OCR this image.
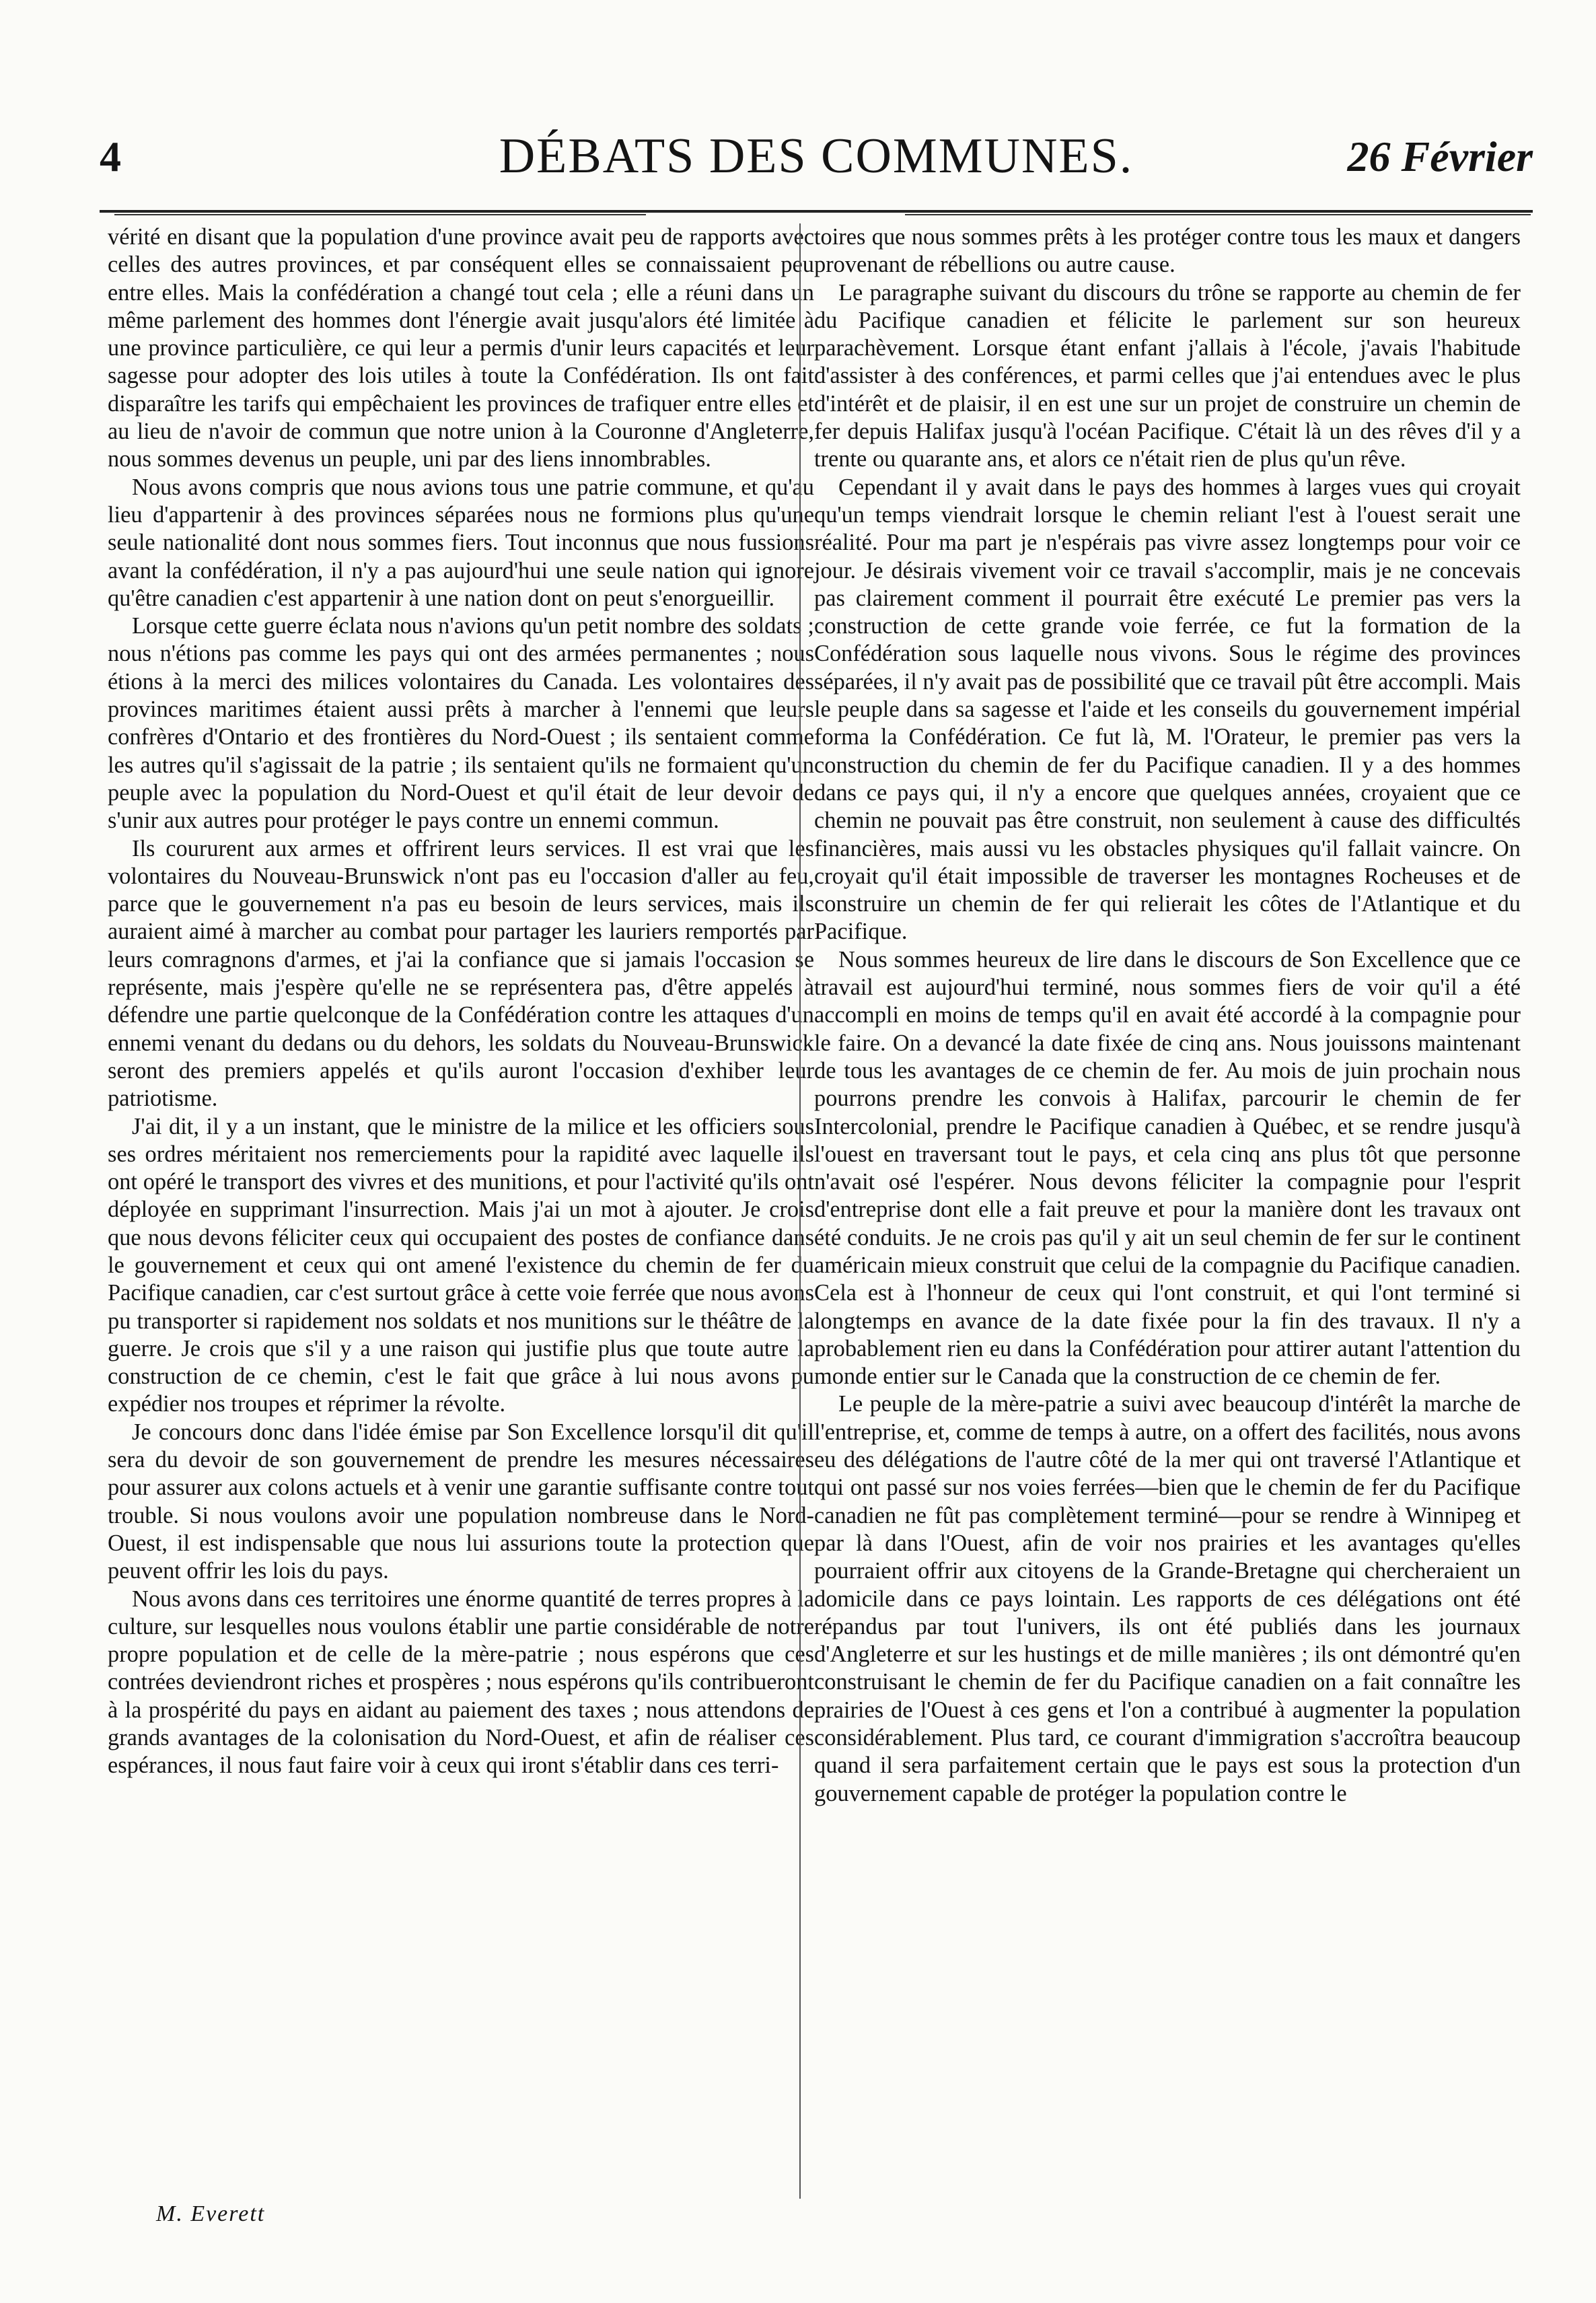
4	DÉBATS DES COMMUNES.	26 Février

vérité en disant que la population d'une province avait peu de rapports avec celles des autres provinces, et par conséquent elles se connaissaient peu entre elles. Mais la confédération a changé tout cela ; elle a réuni dans un même parlement des hommes dont l'énergie avait jusqu'alors été limitée à une province particulière, ce qui leur a permis d'unir leurs capacités et leur sagesse pour adopter des lois utiles à toute la Confédération. Ils ont fait disparaître les tarifs qui empêchaient les provinces de trafiquer entre elles et au lieu de n'avoir de commun que notre union à la Couronne d'Angleterre, nous sommes devenus un peuple, uni par des liens innombrables.

Nous avons compris que nous avions tous une patrie commune, et qu'au lieu d'appartenir à des provinces séparées nous ne formions plus qu'une seule nationalité dont nous sommes fiers. Tout inconnus que nous fussions avant la confédération, il n'y a pas aujourd'hui une seule nation qui ignore qu'être canadien c'est appartenir à une nation dont on peut s'enorgueillir.

Lorsque cette guerre éclata nous n'avions qu'un petit nombre des soldats ; nous n'étions pas comme les pays qui ont des armées permanentes ; nous étions à la merci des milices volontaires du Canada. Les volontaires des provinces maritimes étaient aussi prêts à marcher à l'ennemi que leurs confrères d'Ontario et des frontières du Nord-Ouest ; ils sentaient comme les autres qu'il s'agissait de la patrie ; ils sentaient qu'ils ne formaient qu'un peuple avec la population du Nord-Ouest et qu'il était de leur devoir de s'unir aux autres pour protéger le pays contre un ennemi commun.

Ils coururent aux armes et offrirent leurs services. Il est vrai que les volontaires du Nouveau-Brunswick n'ont pas eu l'occasion d'aller au feu, parce que le gouvernement n'a pas eu besoin de leurs services, mais ils auraient aimé à marcher au combat pour partager les lauriers remportés par leurs comragnons d'armes, et j'ai la confiance que si jamais l'occasion se représente, mais j'espère qu'elle ne se représentera pas, d'être appelés à défendre une partie quelconque de la Confédération contre les attaques d'un ennemi venant du dedans ou du dehors, les soldats du Nouveau-Brunswick seront des premiers appelés et qu'ils auront l'occasion d'exhiber leur patriotisme.

J'ai dit, il y a un instant, que le ministre de la milice et les officiers sous ses ordres méritaient nos remerciements pour la rapidité avec laquelle ils ont opéré le transport des vivres et des munitions, et pour l'activité qu'ils ont déployée en supprimant l'insurrection. Mais j'ai un mot à ajouter. Je crois que nous devons féliciter ceux qui occupaient des postes de confiance dans le gouvernement et ceux qui ont amené l'existence du chemin de fer du Pacifique canadien, car c'est surtout grâce à cette voie ferrée que nous avons pu transporter si rapidement nos soldats et nos munitions sur le théâtre de la guerre. Je crois que s'il y a une raison qui justifie plus que toute autre la construction de ce chemin, c'est le fait que grâce à lui nous avons pu expédier nos troupes et réprimer la révolte.

Je concours donc dans l'idée émise par Son Excellence lorsqu'il dit qu'il sera du devoir de son gouvernement de prendre les mesures nécessaires pour assurer aux colons actuels et à venir une garantie suffisante contre tout trouble. Si nous voulons avoir une population nombreuse dans le Nord-Ouest, il est indispensable que nous lui assurions toute la protection que peuvent offrir les lois du pays.

Nous avons dans ces territoires une énorme quantité de terres propres à la culture, sur lesquelles nous voulons établir une partie considérable de notre propre population et de celle de la mère-patrie ; nous espérons que ces contrées deviendront riches et prospères ; nous espérons qu'ils contribueront à la prospérité du pays en aidant au paiement des taxes ; nous attendons de grands avantages de la colonisation du Nord-Ouest, et afin de réaliser ces espérances, il nous faut faire voir à ceux qui iront s'établir dans ces terri-

toires que nous sommes prêts à les protéger contre tous les maux et dangers provenant de rébellions ou autre cause.

Le paragraphe suivant du discours du trône se rapporte au chemin de fer du Pacifique canadien et félicite le parlement sur son heureux parachèvement. Lorsque étant enfant j'allais à l'école, j'avais l'habitude d'assister à des conférences, et parmi celles que j'ai entendues avec le plus d'intérêt et de plaisir, il en est une sur un projet de construire un chemin de fer depuis Halifax jusqu'à l'océan Pacifique. C'était là un des rêves d'il y a trente ou quarante ans, et alors ce n'était rien de plus qu'un rêve.

Cependant il y avait dans le pays des hommes à larges vues qui croyait qu'un temps viendrait lorsque le chemin reliant l'est à l'ouest serait une réalité. Pour ma part je n'espérais pas vivre assez longtemps pour voir ce jour. Je désirais vivement voir ce travail s'accomplir, mais je ne concevais pas clairement comment il pourrait être exécuté Le premier pas vers la construction de cette grande voie ferrée, ce fut la formation de la Confédération sous laquelle nous vivons. Sous le régime des provinces séparées, il n'y avait pas de possibilité que ce travail pût être accompli. Mais le peuple dans sa sagesse et l'aide et les conseils du gouvernement impérial forma la Confédération. Ce fut là, M. l'Orateur, le premier pas vers la construction du chemin de fer du Pacifique canadien. Il y a des hommes dans ce pays qui, il n'y a encore que quelques années, croyaient que ce chemin ne pouvait pas être construit, non seulement à cause des difficultés financières, mais aussi vu les obstacles physiques qu'il fallait vaincre. On croyait qu'il était impossible de traverser les montagnes Rocheuses et de construire un chemin de fer qui relierait les côtes de l'Atlantique et du Pacifique.

Nous sommes heureux de lire dans le discours de Son Excellence que ce travail est aujourd'hui terminé, nous sommes fiers de voir qu'il a été accompli en moins de temps qu'il en avait été accordé à la compagnie pour le faire. On a devancé la date fixée de cinq ans. Nous jouissons maintenant de tous les avantages de ce chemin de fer. Au mois de juin prochain nous pourrons prendre les convois à Halifax, parcourir le chemin de fer Intercolonial, prendre le Pacifique canadien à Québec, et se rendre jusqu'à l'ouest en traversant tout le pays, et cela cinq ans plus tôt que personne n'avait osé l'espérer. Nous devons féliciter la compagnie pour l'esprit d'entreprise dont elle a fait preuve et pour la manière dont les travaux ont été conduits. Je ne crois pas qu'il y ait un seul chemin de fer sur le continent américain mieux construit que celui de la compagnie du Pacifique canadien. Cela est à l'honneur de ceux qui l'ont construit, et qui l'ont terminé si longtemps en avance de la date fixée pour la fin des travaux. Il n'y a probablement rien eu dans la Confédération pour attirer autant l'attention du monde entier sur le Canada que la construction de ce chemin de fer.

Le peuple de la mère-patrie a suivi avec beaucoup d'intérêt la marche de l'entreprise, et, comme de temps à autre, on a offert des facilités, nous avons eu des délégations de l'autre côté de la mer qui ont traversé l'Atlantique et qui ont passé sur nos voies ferrées—bien que le chemin de fer du Pacifique canadien ne fût pas complètement terminé—pour se rendre à Winnipeg et par là dans l'Ouest, afin de voir nos prairies et les avantages qu'elles pourraient offrir aux citoyens de la Grande-Bretagne qui chercheraient un domicile dans ce pays lointain. Les rapports de ces délégations ont été répandus par tout l'univers, ils ont été publiés dans les journaux d'Angleterre et sur les hustings et de mille manières ; ils ont démontré qu'en construisant le chemin de fer du Pacifique canadien on a fait connaître les prairies de l'Ouest à ces gens et l'on a contribué à augmenter la population considérablement. Plus tard, ce courant d'immigration s'accroîtra beaucoup quand il sera parfaitement certain que le pays est sous la protection d'un gouvernement capable de protéger la population contre le

M. Everett
